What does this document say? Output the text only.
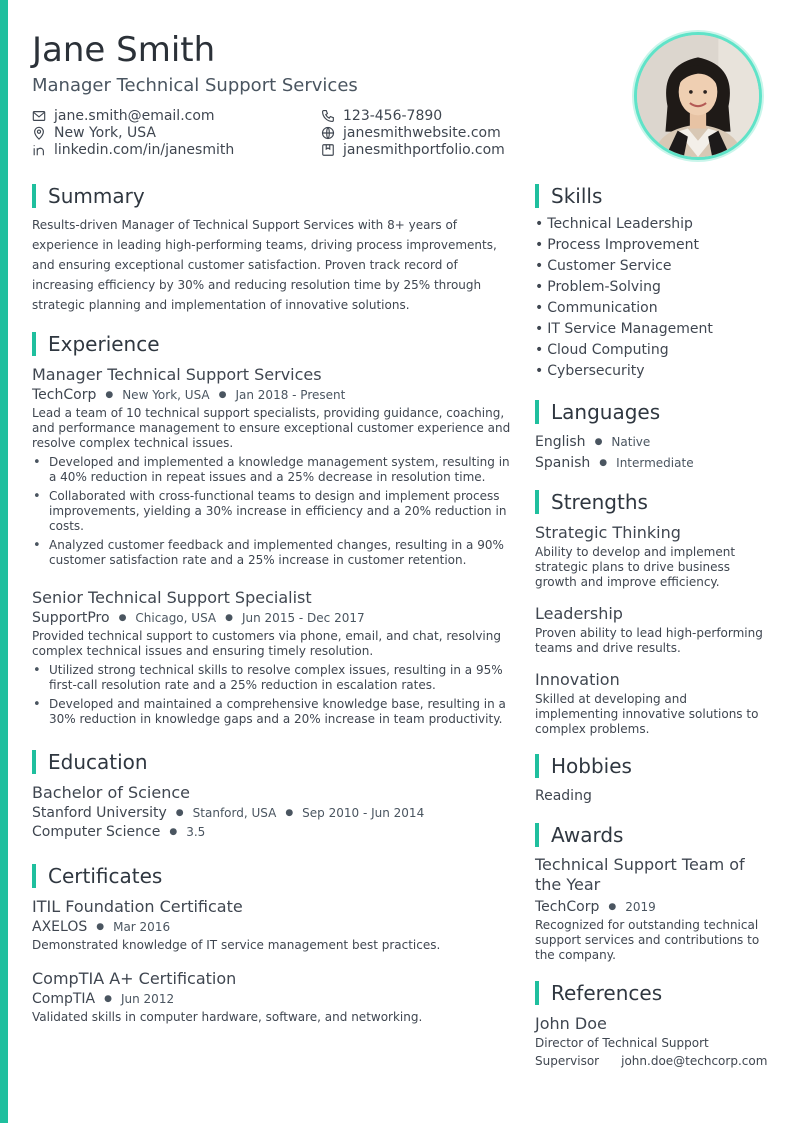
Jane Smith
Manager Technical Support Services
jane.smith@email.com
New York, USA
linkedin.com/in/janesmith
123-456-7890
janesmithwebsite.com
janesmithportfolio.com
Summary

Results-driven Manager of Technical Support Services with 8+ years of experience in leading high-performing teams, driving process improvements, and ensuring exceptional customer satisfaction. Proven track record of increasing efficiency by 30% and reducing resolution time by 25% through strategic planning and implementation of innovative solutions.

Experience
Manager Technical Support Services
TechCorp ● New York, USA ● Jan 2018 - Present

Lead a team of 10 technical support specialists, providing guidance, coaching, and performance management to ensure exceptional customer experience and resolve complex technical issues.

• Developed and implemented a knowledge management system, resulting in a 40% reduction in repeat issues and a 25% decrease in resolution time.
• Collaborated with cross-functional teams to design and implement process improvements, yielding a 30% increase in efficiency and a 20% reduction in costs.
• Analyzed customer feedback and implemented changes, resulting in a 90% customer satisfaction rate and a 25% increase in customer retention.
Senior Technical Support Specialist
SupportPro ● Chicago, USA ● Jun 2015 - Dec 2017

Provided technical support to customers via phone, email, and chat, resolving complex technical issues and ensuring timely resolution.

• Utilized strong technical skills to resolve complex issues, resulting in a 95% first-call resolution rate and a 25% reduction in escalation rates.
• Developed and maintained a comprehensive knowledge base, resulting in a 30% reduction in knowledge gaps and a 20% increase in team productivity.
Education
Bachelor of Science
Stanford University ● Stanford, USA ● Sep 2010 - Jun 2014
Computer Science ● 3.5
Certificates
ITIL Foundation Certificate
AXELOS ● Mar 2016

Demonstrated knowledge of IT service management best practices.

CompTIA A+ Certification
CompTIA ● Jun 2012

Validated skills in computer hardware, software, and networking.

Skills
• Technical Leadership
• Process Improvement
• Customer Service
• Problem-Solving
• Communication
• IT Service Management
• Cloud Computing
• Cybersecurity
Languages
English ● Native
Spanish ● Intermediate
Strengths
Strategic Thinking

Ability to develop and implement strategic plans to drive business growth and improve efficiency.

Leadership

Proven ability to lead high-performing teams and drive results.

Innovation

Skilled at developing and implementing innovative solutions to complex problems.

Hobbies
Reading
Awards
Technical Support Team of the Year
TechCorp ● 2019

Recognized for outstanding technical support services and contributions to the company.

References
John Doe
Director of Technical Support
Supervisor john.doe@techcorp.com
